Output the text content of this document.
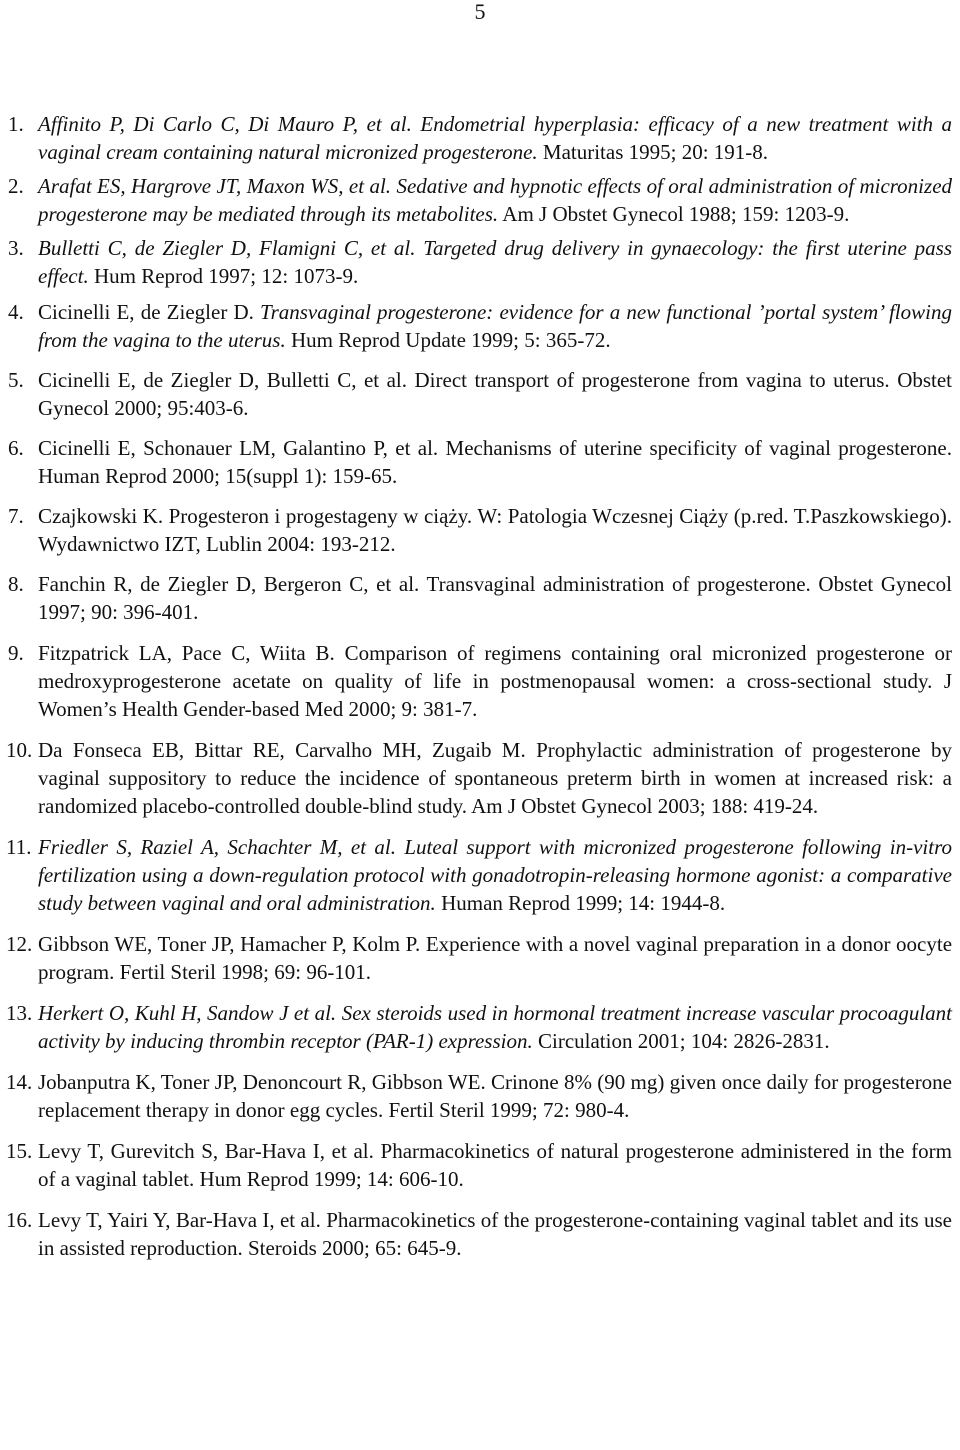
5
1. Affinito P, Di Carlo C, Di Mauro P, et al. Endometrial hyperplasia: efficacy of a new treatment with a vaginal cream containing natural micronized progesterone. Maturitas 1995; 20: 191-8.
2. Arafat ES, Hargrove JT, Maxon WS, et al. Sedative and hypnotic effects of oral administration of micronized progesterone may be mediated through its metabolites. Am J Obstet Gynecol 1988; 159: 1203-9.
3. Bulletti C, de Ziegler D, Flamigni C, et al. Targeted drug delivery in gynaecology: the first uterine pass effect. Hum Reprod 1997; 12: 1073-9.
4. Cicinelli E, de Ziegler D. Transvaginal progesterone: evidence for a new functional ’portal system’ flowing from the vagina to the uterus. Hum Reprod Update 1999; 5: 365-72.
5. Cicinelli E, de Ziegler D, Bulletti C, et al. Direct transport of progesterone from vagina to uterus. Obstet Gynecol 2000; 95:403-6.
6. Cicinelli E, Schonauer LM, Galantino P, et al. Mechanisms of uterine specificity of vaginal progesterone. Human Reprod 2000; 15(suppl 1): 159-65.
7. Czajkowski K. Progesteron i progestageny w ciąży. W: Patologia Wczesnej Ciąży (p.red. T.Paszkowskiego). Wydawnictwo IZT, Lublin 2004: 193-212.
8. Fanchin R, de Ziegler D, Bergeron C, et al. Transvaginal administration of progesterone. Obstet Gynecol 1997; 90: 396-401.
9. Fitzpatrick LA, Pace C, Wiita B. Comparison of regimens containing oral micronized progesterone or medroxyprogesterone acetate on quality of life in postmenopausal women: a cross-sectional study. J Women’s Health Gender-based Med 2000; 9: 381-7.
10. Da Fonseca EB, Bittar RE, Carvalho MH, Zugaib M. Prophylactic administration of progesterone by vaginal suppository to reduce the incidence of spontaneous preterm birth in women at increased risk: a randomized placebo-controlled double-blind study. Am J Obstet Gynecol 2003; 188: 419-24.
11. Friedler S, Raziel A, Schachter M, et al. Luteal support with micronized progesterone following in-vitro fertilization using a down-regulation protocol with gonadotropin-releasing hormone agonist: a comparative study between vaginal and oral administration. Human Reprod 1999; 14: 1944-8.
12. Gibbson WE, Toner JP, Hamacher P, Kolm P. Experience with a novel vaginal preparation in a donor oocyte program. Fertil Steril 1998; 69: 96-101.
13. Herkert O, Kuhl H, Sandow J et al. Sex steroids used in hormonal treatment increase vascular procoagulant activity by inducing thrombin receptor (PAR-1) expression. Circulation 2001; 104: 2826-2831.
14. Jobanputra K, Toner JP, Denoncourt R, Gibbson WE. Crinone 8% (90 mg) given once daily for progesterone replacement therapy in donor egg cycles. Fertil Steril 1999; 72: 980-4.
15. Levy T, Gurevitch S, Bar-Hava I, et al. Pharmacokinetics of natural progesterone administered in the form of a vaginal tablet. Hum Reprod 1999; 14: 606-10.
16. Levy T, Yairi Y, Bar-Hava I, et al. Pharmacokinetics of the progesterone-containing vaginal tablet and its use in assisted reproduction. Steroids 2000; 65: 645-9.
